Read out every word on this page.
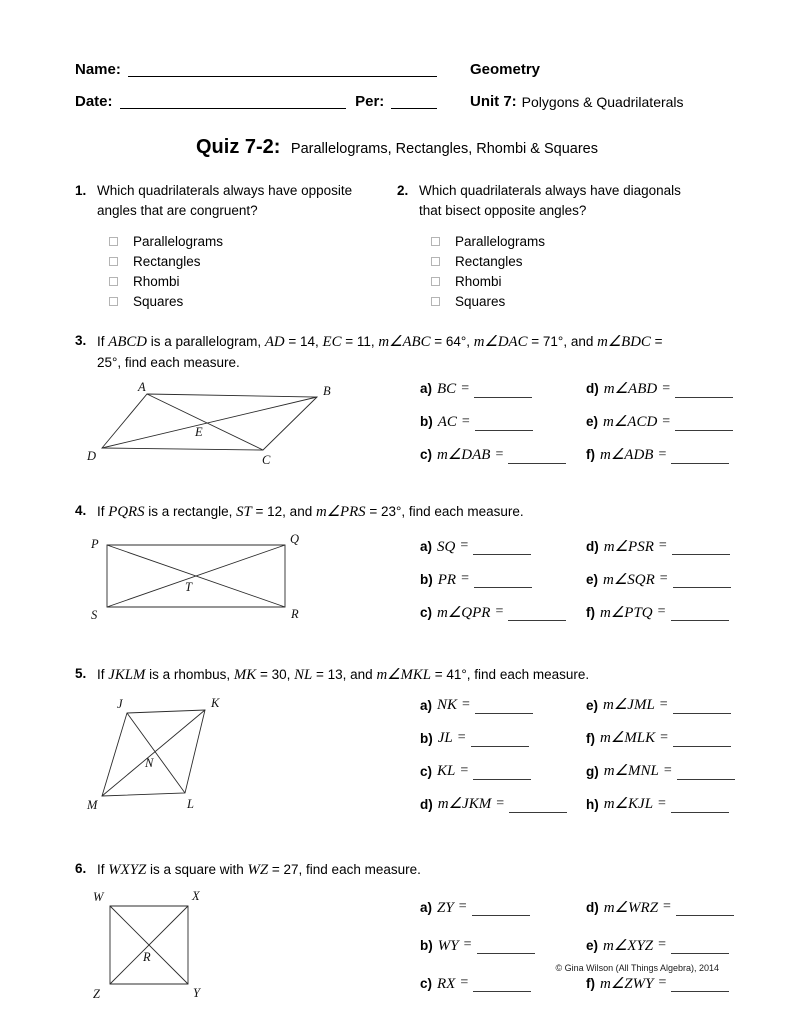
Name:
Date:	Per:
Geometry
Unit 7: Polygons & Quadrilaterals
Quiz 7-2: Parallelograms, Rectangles, Rhombi & Squares
1. Which quadrilaterals always have opposite angles that are congruent?
Parallelograms
Rectangles
Rhombi
Squares
2. Which quadrilaterals always have diagonals that bisect opposite angles?
Parallelograms
Rectangles
Rhombi
Squares
3. If ABCD is a parallelogram, AD = 14, EC = 11, m∠ABC = 64°, m∠DAC = 71°, and m∠BDC = 25°, find each measure.
A	B
C
D
E
a) BC =
b) AC =
c) m∠DAB =
d) m∠ABD =
e) m∠ACD =
f) m∠ADB =
4. If PQRS is a rectangle, ST = 12, and m∠PRS = 23°, find each measure.
P	Q
R
S
T
a) SQ =
b) PR =
c) m∠QPR =
d) m∠PSR =
e) m∠SQR =
f) m∠PTQ =
5. If JKLM is a rhombus, MK = 30, NL = 13, and m∠MKL = 41°, find each measure.
J	K
L
M
N
a) NK =
b) JL =
c) KL =
d) m∠JKM =
e) m∠JML =
f) m∠MLK =
g) m∠MNL =
h) m∠KJL =
6. If WXYZ is a square with WZ = 27, find each measure.
W	X
Y
Z
R
a) ZY =
b) WY =
c) RX =
d) m∠WRZ =
e) m∠XYZ =
f) m∠ZWY =
© Gina Wilson (All Things Algebra), 2014
